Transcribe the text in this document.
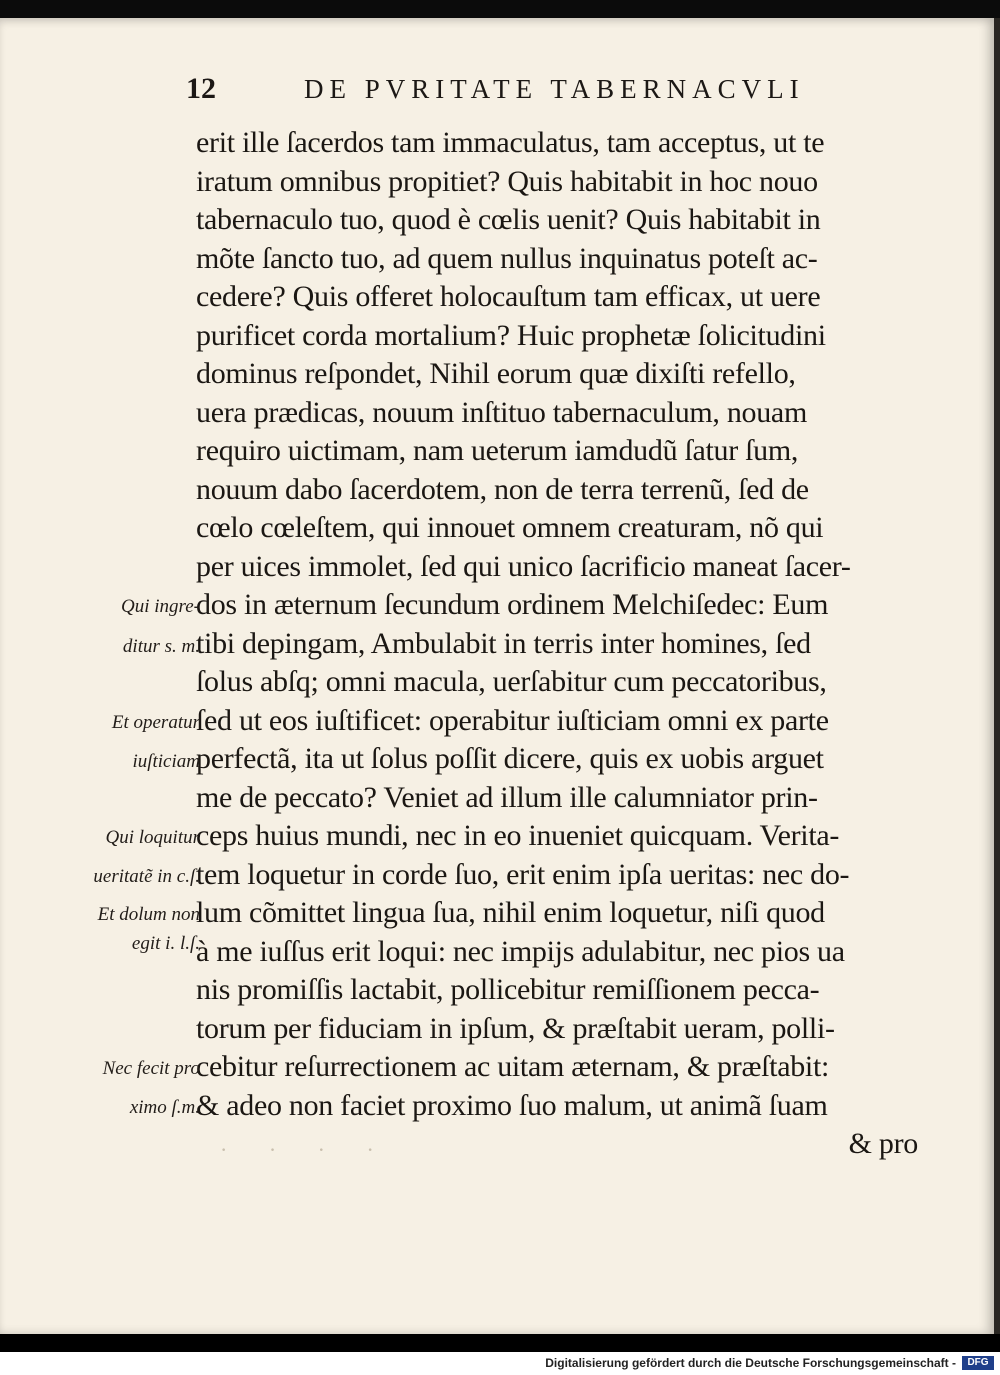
12	DE PVRITATE TABERNACVLI
erit ille ſacerdos tam immaculatus, tam acceptus, ut te
iratum omnibus propitiet? Quis habitabit in hoc nouo
tabernaculo tuo, quod è cœlis uenit? Quis habitabit in
mõte ſancto tuo, ad quem nullus inquinatus poteſt ac-
cedere? Quis offeret holocauſtum tam efficax, ut uere
purificet corda mortalium? Huic prophetæ ſolicitudini
dominus reſpondet, Nihil eorum quæ dixiſti refello,
uera prædicas, nouum inſtituo tabernaculum, nouam
requiro uictimam, nam ueterum iamdudũ ſatur ſum,
nouum dabo ſacerdotem, non de terra terrenũ, ſed de
cœlo cœleſtem, qui innouet omnem creaturam, nõ qui
per uices immolet, ſed qui unico ſacrificio maneat ſacer-
dos in æternum ſecundum ordinem Melchiſedec: Eum
tibi depingam, Ambulabit in terris inter homines, ſed
ſolus abſq; omni macula, uerſabitur cum peccatoribus,
ſed ut eos iuſtificet: operabitur iuſticiam omni ex parte
perfectã, ita ut ſolus poſſit dicere, quis ex uobis arguet
me de peccato? Veniet ad illum ille calumniator prin-
ceps huius mundi, nec in eo inueniet quicquam. Verita-
tem loquetur in corde ſuo, erit enim ipſa ueritas: nec do-
lum cõmittet lingua ſua, nihil enim loquetur, niſi quod
à me iuſſus erit loqui: nec impijs adulabitur, nec pios ua
nis promiſſis lactabit, pollicebitur remiſſionem pecca-
torum per fiduciam in ipſum, & præſtabit ueram, polli-
cebitur reſurrectionem ac uitam æternam, & præſtabit:
& adeo non faciet proximo ſuo malum, ut animã ſuam
& pro
Qui ingre-
ditur s. m.
Et operatur
iuſticiam
Qui loquitur
ueritatẽ in c.ſ.
Et dolum non
egit i. l.ſ.
Nec fecit pro
ximo ſ.m.
· · · ·
Digitalisierung gefördert durch die Deutsche Forschungsgemeinschaft -	DFG
